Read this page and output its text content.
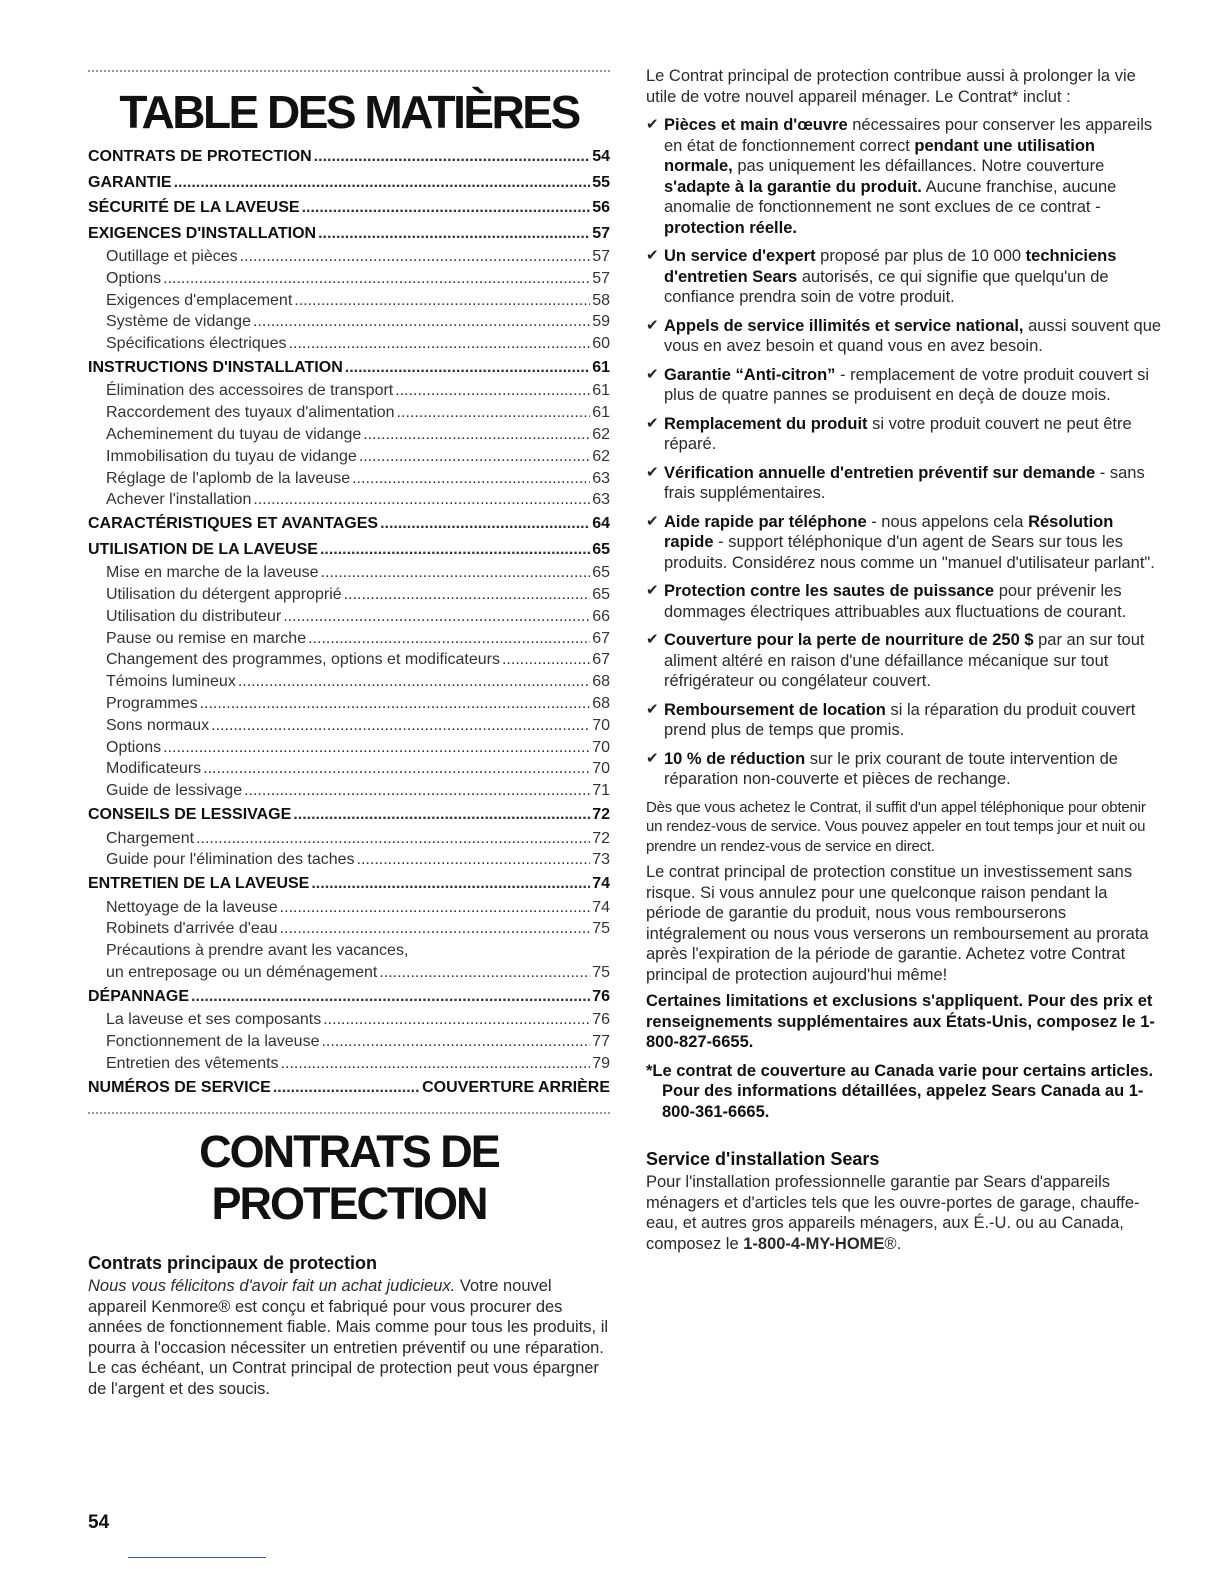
TABLE DES MATIÈRES
CONTRATS DE PROTECTION .....	54
GARANTIE .....	55
SÉCURITÉ DE LA LAVEUSE .....	56
EXIGENCES D'INSTALLATION .....	57
Outillage et pièces .....	57
Options .....	57
Exigences d'emplacement .....	58
Système de vidange .....	59
Spécifications électriques .....	60
INSTRUCTIONS D'INSTALLATION .....	61
Élimination des accessoires de transport .....	61
Raccordement des tuyaux d'alimentation .....	61
Acheminement du tuyau de vidange .....	62
Immobilisation du tuyau de vidange .....	62
Réglage de l'aplomb de la laveuse .....	63
Achever l'installation .....	63
CARACTÉRISTIQUES ET AVANTAGES .....	64
UTILISATION DE LA LAVEUSE .....	65
Mise en marche de la laveuse .....	65
Utilisation du détergent approprié .....	65
Utilisation du distributeur .....	66
Pause ou remise en marche .....	67
Changement des programmes, options et modificateurs .....	67
Témoins lumineux .....	68
Programmes .....	68
Sons normaux .....	70
Options .....	70
Modificateurs .....	70
Guide de lessivage .....	71
CONSEILS DE LESSIVAGE .....	72
Chargement .....	72
Guide pour l'élimination des taches .....	73
ENTRETIEN DE LA LAVEUSE .....	74
Nettoyage de la laveuse .....	74
Robinets d'arrivée d'eau .....	75
Précautions à prendre avant les vacances,
un entreposage ou un déménagement .....	75
DÉPANNAGE .....	76
La laveuse et ses composants .....	76
Fonctionnement de la laveuse .....	77
Entretien des vêtements .....	79
NUMÉROS DE SERVICE .....	COUVERTURE ARRIÈRE
CONTRATS DE PROTECTION
Contrats principaux de protection

Nous vous félicitons d'avoir fait un achat judicieux. Votre nouvel appareil Kenmore® est conçu et fabriqué pour vous procurer des années de fonctionnement fiable. Mais comme pour tous les produits, il pourra à l'occasion nécessiter un entretien préventif ou une réparation. Le cas échéant, un Contrat principal de protection peut vous épargner de l'argent et des soucis.

Le Contrat principal de protection contribue aussi à prolonger la vie utile de votre nouvel appareil ménager. Le Contrat* inclut :

✔ Pièces et main d'œuvre nécessaires pour conserver les appareils en état de fonctionnement correct pendant une utilisation normale, pas uniquement les défaillances. Notre couverture s'adapte à la garantie du produit. Aucune franchise, aucune anomalie de fonctionnement ne sont exclues de ce contrat - protection réelle.
✔ Un service d'expert proposé par plus de 10 000 techniciens d'entretien Sears autorisés, ce qui signifie que quelqu'un de confiance prendra soin de votre produit.
✔ Appels de service illimités et service national, aussi souvent que vous en avez besoin et quand vous en avez besoin.
✔ Garantie “Anti-citron” - remplacement de votre produit couvert si plus de quatre pannes se produisent en deçà de douze mois.
✔ Remplacement du produit si votre produit couvert ne peut être réparé.
✔ Vérification annuelle d'entretien préventif sur demande - sans frais supplémentaires.
✔ Aide rapide par téléphone - nous appelons cela Résolution rapide - support téléphonique d'un agent de Sears sur tous les produits. Considérez nous comme un "manuel d'utilisateur parlant".
✔ Protection contre les sautes de puissance pour prévenir les dommages électriques attribuables aux fluctuations de courant.
✔ Couverture pour la perte de nourriture de 250 $ par an sur tout aliment altéré en raison d'une défaillance mécanique sur tout réfrigérateur ou congélateur couvert.
✔ Remboursement de location si la réparation du produit couvert prend plus de temps que promis.
✔ 10 % de réduction sur le prix courant de toute intervention de réparation non-couverte et pièces de rechange.

Dès que vous achetez le Contrat, il suffit d'un appel téléphonique pour obtenir un rendez-vous de service. Vous pouvez appeler en tout temps jour et nuit ou prendre un rendez-vous de service en direct.

Le contrat principal de protection constitue un investissement sans risque. Si vous annulez pour une quelconque raison pendant la période de garantie du produit, nous vous rembourserons intégralement ou nous vous verserons un remboursement au prorata après l'expiration de la période de garantie. Achetez votre Contrat principal de protection aujourd'hui même!

Certaines limitations et exclusions s'appliquent. Pour des prix et renseignements supplémentaires aux États-Unis, composez le 1-800-827-6655.

*Le contrat de couverture au Canada varie pour certains articles. Pour des informations détaillées, appelez Sears Canada au 1-800-361-6665.

Service d'installation Sears

Pour l'installation professionnelle garantie par Sears d'appareils ménagers et d'articles tels que les ouvre-portes de garage, chauffe-eau, et autres gros appareils ménagers, aux É.-U. ou au Canada, composez le 1-800-4-MY-HOME®.

54
